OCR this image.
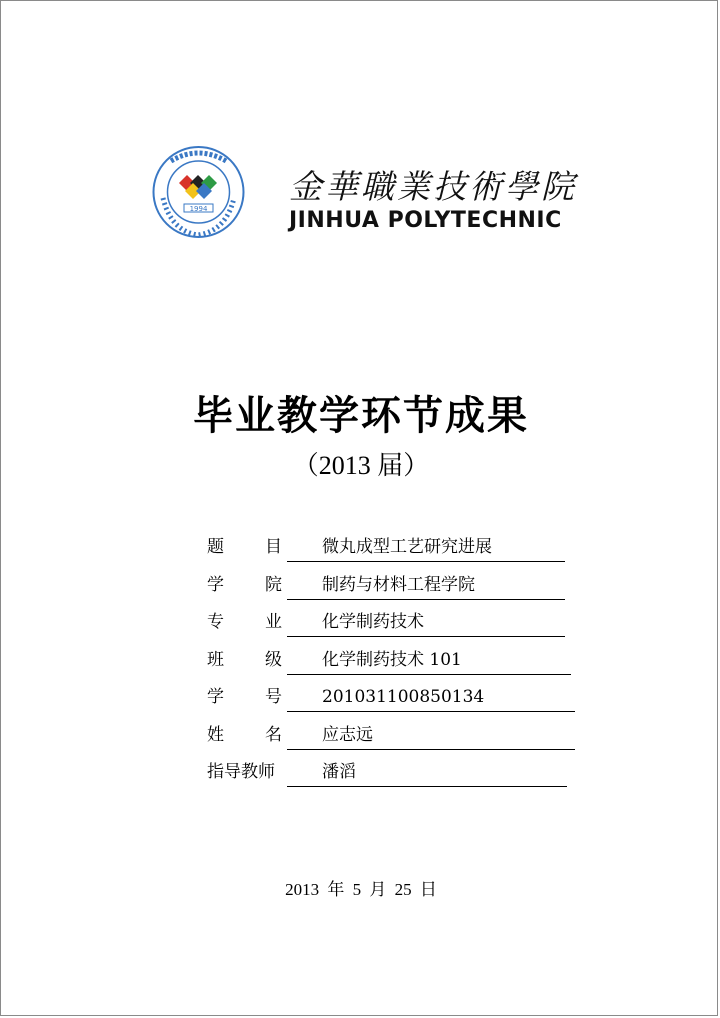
1994
金華職業技術學院
JINHUA POLYTECHNIC
毕业教学环节成果
（2013 届）
题 目	微丸成型工艺研究进展
学 院	制药与材料工程学院
专 业	化学制药技术
班 级	化学制药技术 101
学 号	201031100850134
姓 名	应志远
指导教师	潘滔
2013 年 5 月 25 日
